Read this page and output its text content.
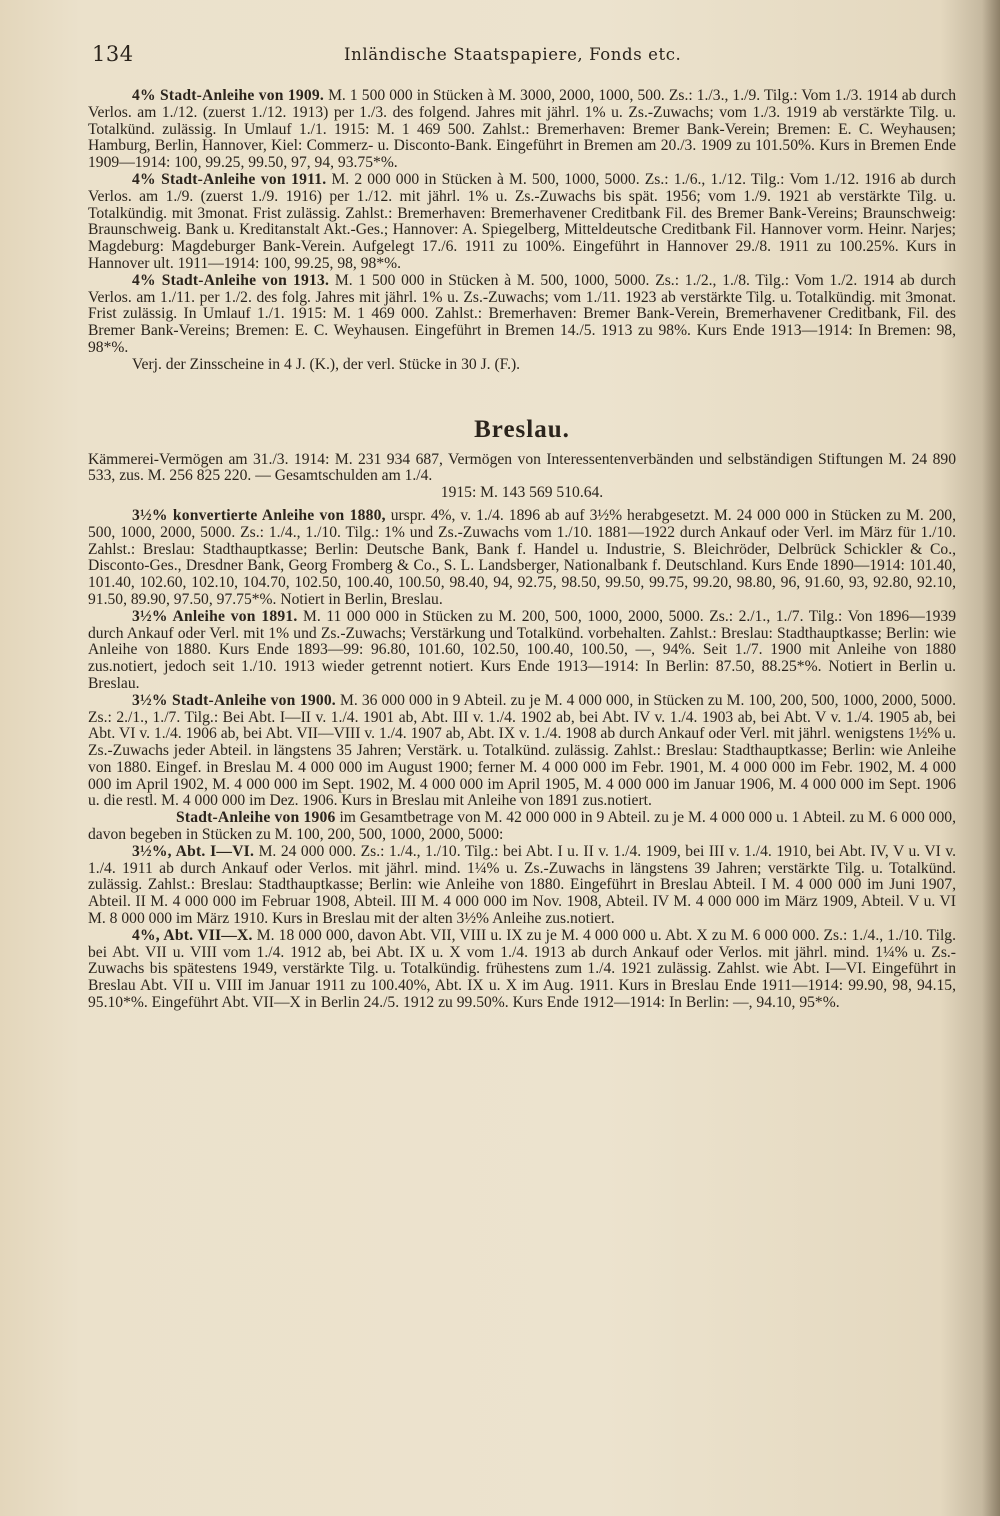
134	Inländische Staatspapiere, Fonds etc.

4% Stadt-Anleihe von 1909. M. 1 500 000 in Stücken à M. 3000, 2000, 1000, 500. Zs.: 1./3., 1./9. Tilg.: Vom 1./3. 1914 ab durch Verlos. am 1./12. (zuerst 1./12. 1913) per 1./3. des folgend. Jahres mit jährl. 1% u. Zs.-Zuwachs; vom 1./3. 1919 ab verstärkte Tilg. u. Totalkünd. zulässig. In Umlauf 1./1. 1915: M. 1 469 500. Zahlst.: Bremerhaven: Bremer Bank-Verein; Bremen: E. C. Weyhausen; Hamburg, Berlin, Hannover, Kiel: Commerz- u. Disconto-Bank. Eingeführt in Bremen am 20./3. 1909 zu 101.50%. Kurs in Bremen Ende 1909—1914: 100, 99.25, 99.50, 97, 94, 93.75*%.

4% Stadt-Anleihe von 1911. M. 2 000 000 in Stücken à M. 500, 1000, 5000. Zs.: 1./6., 1./12. Tilg.: Vom 1./12. 1916 ab durch Verlos. am 1./9. (zuerst 1./9. 1916) per 1./12. mit jährl. 1% u. Zs.-Zuwachs bis spät. 1956; vom 1./9. 1921 ab verstärkte Tilg. u. Totalkündig. mit 3monat. Frist zulässig. Zahlst.: Bremerhaven: Bremerhavener Creditbank Fil. des Bremer Bank-Vereins; Braunschweig: Braunschweig. Bank u. Kreditanstalt Akt.-Ges.; Hannover: A. Spiegelberg, Mitteldeutsche Creditbank Fil. Hannover vorm. Heinr. Narjes; Magdeburg: Magdeburger Bank-Verein. Aufgelegt 17./6. 1911 zu 100%. Eingeführt in Hannover 29./8. 1911 zu 100.25%. Kurs in Hannover ult. 1911—1914: 100, 99.25, 98, 98*%.

4% Stadt-Anleihe von 1913. M. 1 500 000 in Stücken à M. 500, 1000, 5000. Zs.: 1./2., 1./8. Tilg.: Vom 1./2. 1914 ab durch Verlos. am 1./11. per 1./2. des folg. Jahres mit jährl. 1% u. Zs.-Zuwachs; vom 1./11. 1923 ab verstärkte Tilg. u. Totalkündig. mit 3monat. Frist zulässig. In Umlauf 1./1. 1915: M. 1 469 000. Zahlst.: Bremerhaven: Bremer Bank-Verein, Bremerhavener Creditbank, Fil. des Bremer Bank-Vereins; Bremen: E. C. Weyhausen. Eingeführt in Bremen 14./5. 1913 zu 98%. Kurs Ende 1913—1914: In Bremen: 98, 98*%.

Verj. der Zinsscheine in 4 J. (K.), der verl. Stücke in 30 J. (F.).

Breslau.

Kämmerei-Vermögen am 31./3. 1914: M. 231 934 687, Vermögen von Interessentenverbänden und selbständigen Stiftungen M. 24 890 533, zus. M. 256 825 220. — Gesamtschulden am 1./4.

1915: M. 143 569 510.64.

3½% konvertierte Anleihe von 1880, urspr. 4%, v. 1./4. 1896 ab auf 3½% herabgesetzt. M. 24 000 000 in Stücken zu M. 200, 500, 1000, 2000, 5000. Zs.: 1./4., 1./10. Tilg.: 1% und Zs.-Zuwachs vom 1./10. 1881—1922 durch Ankauf oder Verl. im März für 1./10. Zahlst.: Breslau: Stadthauptkasse; Berlin: Deutsche Bank, Bank f. Handel u. Industrie, S. Bleichröder, Delbrück Schickler & Co., Disconto-Ges., Dresdner Bank, Georg Fromberg & Co., S. L. Landsberger, Nationalbank f. Deutschland. Kurs Ende 1890—1914: 101.40, 101.40, 102.60, 102.10, 104.70, 102.50, 100.40, 100.50, 98.40, 94, 92.75, 98.50, 99.50, 99.75, 99.20, 98.80, 96, 91.60, 93, 92.80, 92.10, 91.50, 89.90, 97.50, 97.75*%. Notiert in Berlin, Breslau.

3½% Anleihe von 1891. M. 11 000 000 in Stücken zu M. 200, 500, 1000, 2000, 5000. Zs.: 2./1., 1./7. Tilg.: Von 1896—1939 durch Ankauf oder Verl. mit 1% und Zs.-Zuwachs; Verstärkung und Totalkünd. vorbehalten. Zahlst.: Breslau: Stadthauptkasse; Berlin: wie Anleihe von 1880. Kurs Ende 1893—99: 96.80, 101.60, 102.50, 100.40, 100.50, —, 94%. Seit 1./7. 1900 mit Anleihe von 1880 zus.notiert, jedoch seit 1./10. 1913 wieder getrennt notiert. Kurs Ende 1913—1914: In Berlin: 87.50, 88.25*%. Notiert in Berlin u. Breslau.

3½% Stadt-Anleihe von 1900. M. 36 000 000 in 9 Abteil. zu je M. 4 000 000, in Stücken zu M. 100, 200, 500, 1000, 2000, 5000. Zs.: 2./1., 1./7. Tilg.: Bei Abt. I—II v. 1./4. 1901 ab, Abt. III v. 1./4. 1902 ab, bei Abt. IV v. 1./4. 1903 ab, bei Abt. V v. 1./4. 1905 ab, bei Abt. VI v. 1./4. 1906 ab, bei Abt. VII—VIII v. 1./4. 1907 ab, Abt. IX v. 1./4. 1908 ab durch Ankauf oder Verl. mit jährl. wenigstens 1½% u. Zs.-Zuwachs jeder Abteil. in längstens 35 Jahren; Verstärk. u. Totalkünd. zulässig. Zahlst.: Breslau: Stadthauptkasse; Berlin: wie Anleihe von 1880. Eingef. in Breslau M. 4 000 000 im August 1900; ferner M. 4 000 000 im Febr. 1901, M. 4 000 000 im Febr. 1902, M. 4 000 000 im April 1902, M. 4 000 000 im Sept. 1902, M. 4 000 000 im April 1905, M. 4 000 000 im Januar 1906, M. 4 000 000 im Sept. 1906 u. die restl. M. 4 000 000 im Dez. 1906. Kurs in Breslau mit Anleihe von 1891 zus.notiert.

Stadt-Anleihe von 1906 im Gesamtbetrage von M. 42 000 000 in 9 Abteil. zu je M. 4 000 000 u. 1 Abteil. zu M. 6 000 000, davon begeben in Stücken zu M. 100, 200, 500, 1000, 2000, 5000:

3½%, Abt. I—VI. M. 24 000 000. Zs.: 1./4., 1./10. Tilg.: bei Abt. I u. II v. 1./4. 1909, bei III v. 1./4. 1910, bei Abt. IV, V u. VI v. 1./4. 1911 ab durch Ankauf oder Verlos. mit jährl. mind. 1¼% u. Zs.-Zuwachs in längstens 39 Jahren; verstärkte Tilg. u. Totalkünd. zulässig. Zahlst.: Breslau: Stadthauptkasse; Berlin: wie Anleihe von 1880. Eingeführt in Breslau Abteil. I M. 4 000 000 im Juni 1907, Abteil. II M. 4 000 000 im Februar 1908, Abteil. III M. 4 000 000 im Nov. 1908, Abteil. IV M. 4 000 000 im März 1909, Abteil. V u. VI M. 8 000 000 im März 1910. Kurs in Breslau mit der alten 3½% Anleihe zus.notiert.

4%, Abt. VII—X. M. 18 000 000, davon Abt. VII, VIII u. IX zu je M. 4 000 000 u. Abt. X zu M. 6 000 000. Zs.: 1./4., 1./10. Tilg. bei Abt. VII u. VIII vom 1./4. 1912 ab, bei Abt. IX u. X vom 1./4. 1913 ab durch Ankauf oder Verlos. mit jährl. mind. 1¼% u. Zs.-Zuwachs bis spätestens 1949, verstärkte Tilg. u. Totalkündig. frühestens zum 1./4. 1921 zulässig. Zahlst. wie Abt. I—VI. Eingeführt in Breslau Abt. VII u. VIII im Januar 1911 zu 100.40%, Abt. IX u. X im Aug. 1911. Kurs in Breslau Ende 1911—1914: 99.90, 98, 94.15, 95.10*%. Eingeführt Abt. VII—X in Berlin 24./5. 1912 zu 99.50%. Kurs Ende 1912—1914: In Berlin: —, 94.10, 95*%.
